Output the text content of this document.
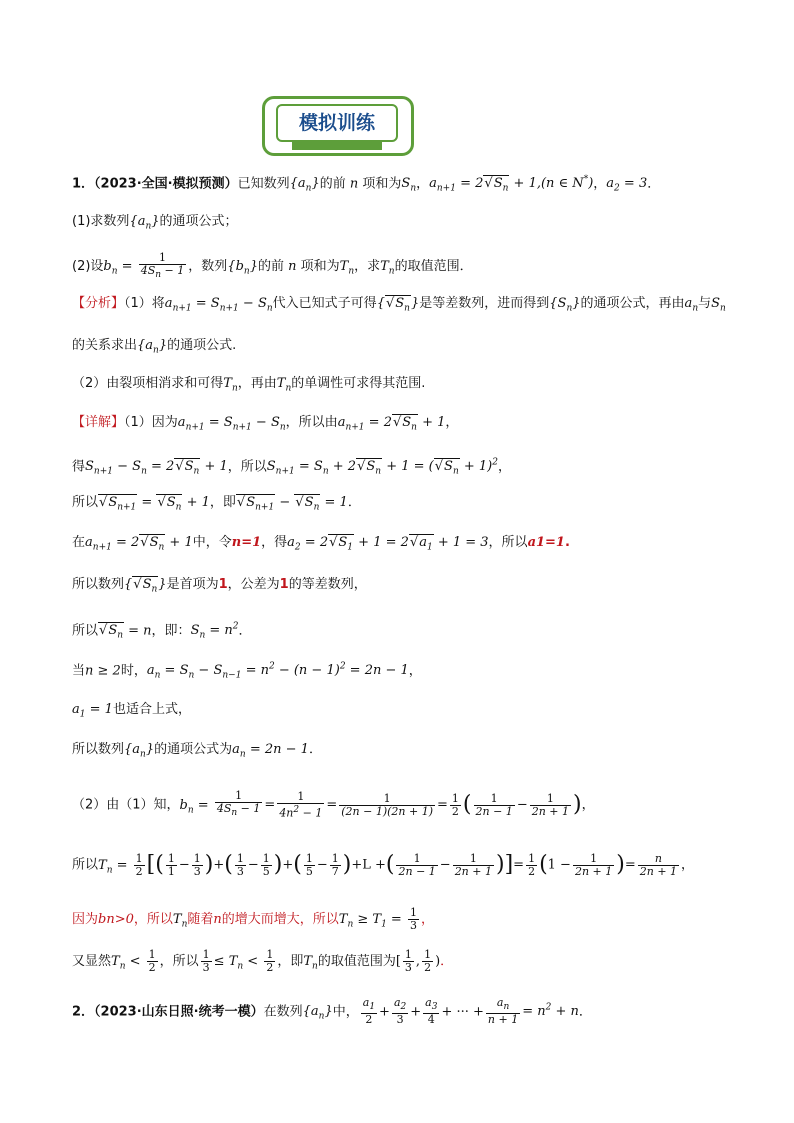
模拟训练
1．（2023·全国·模拟预测）已知数列$\{a_n\}$的前 n 项和为$S_n$，$a_{n+1} = 2√$ $S_n + 1,(n$ ∈ N*)，$a_2 = 3$．
(1)求数列$\{a_n\}$的通项公式；
(2)设$b_n = \frac{1}{4S_n - 1}$ ，数列$\{b_n\}$的前 n 项和为$T_n$，求$T_n$的取值范围．
【分析】（1）将$a_{n+1} = S_{n+1} - S_n$代入已知式子可得{√ $S_n$}是等差数列，进而得到$\{S_n\}$的通项公式，再由$a_n$与$S_n$
的关系求出$\{a_n\}$的通项公式.
（2）由裂项相消求和可得$T_n$，再由$T_n$的单调性可求得其范围.
【详解】（1）因为$a_{n+1} = S_{n+1} - S_n$，所以由$a_{n+1} = 2√$ $S_n + 1$，
得$S_{n+1} - S_n = 2√$ $S_n + 1$，所以$S_{n+1} = S_n + 2√$ $S_n + 1$ = (√ $S_n + 1)^2$，
所以√ $S_{n+1}$ = √ $S_n + 1$，即√ $S_{n+1}$ − √ $S_n = 1$．
在$a_{n+1} = 2√$ $S_n + 1$中，令n=1，得$a_2 = 2√$ $S_1 + 1 = 2√$ $a_1 + 1 = 3$，所以a1=1.
所以数列{√ $S_n$}是首项为1，公差为1的等差数列，
所以√ $S_n = n$，即：$S_n = n^2$．
当n ≥ 2时，$a_n = S_n - S_{n-1} = n^2 - (n - 1)^2 = 2n - 1$，
$a_1 = 1$也适合上式，
所以数列$\{a_n\}$的通项公式为$a_n = 2n - 1$．
（2）由（1）知，$b_n = \frac{1}{4S_n - 1} = \frac{1}{4n^2 - 1} = \frac{1}{(2n - 1)(2n + 1)} = \frac{1}{2}$ ( $\frac{1}{2n - 1} - \frac{1}{2n + 1}$ )，
所以$T_n = \frac{1}{2}$ [( $\frac{1}{1} - \frac{1}{3}$ )+( $\frac{1}{3} - \frac{1}{5}$ )+( $\frac{1}{5} - \frac{1}{7} )+L$ +( $\frac{1}{2n - 1} - \frac{1}{2n + 1}$ )]= $\frac{1}{2} (1 - \frac{1}{2n + 1}$ )= $\frac{n}{2n + 1}$ ，
因为bn>0，所以$T_n$随着n的增大而增大，所以$T_n \ge T_1 = \frac{1}{3}$ ，
又显然$T_n < \frac{1}{2}$ ，所以 $\frac{1}{3} \le T_n < \frac{1}{2}$ ，即$T_n$的取值范围为[ $\frac{1}{3}$ , $\frac{1}{2}$ )．
2．（2023·山东日照·统考一模）在数列$\{a_n\}$中， $\frac{a_1}{2} + \frac{a_2}{3} + \frac{a_3}{4}$ + ··· + $\frac{a_n}{n + 1} = n^2 + n$．
